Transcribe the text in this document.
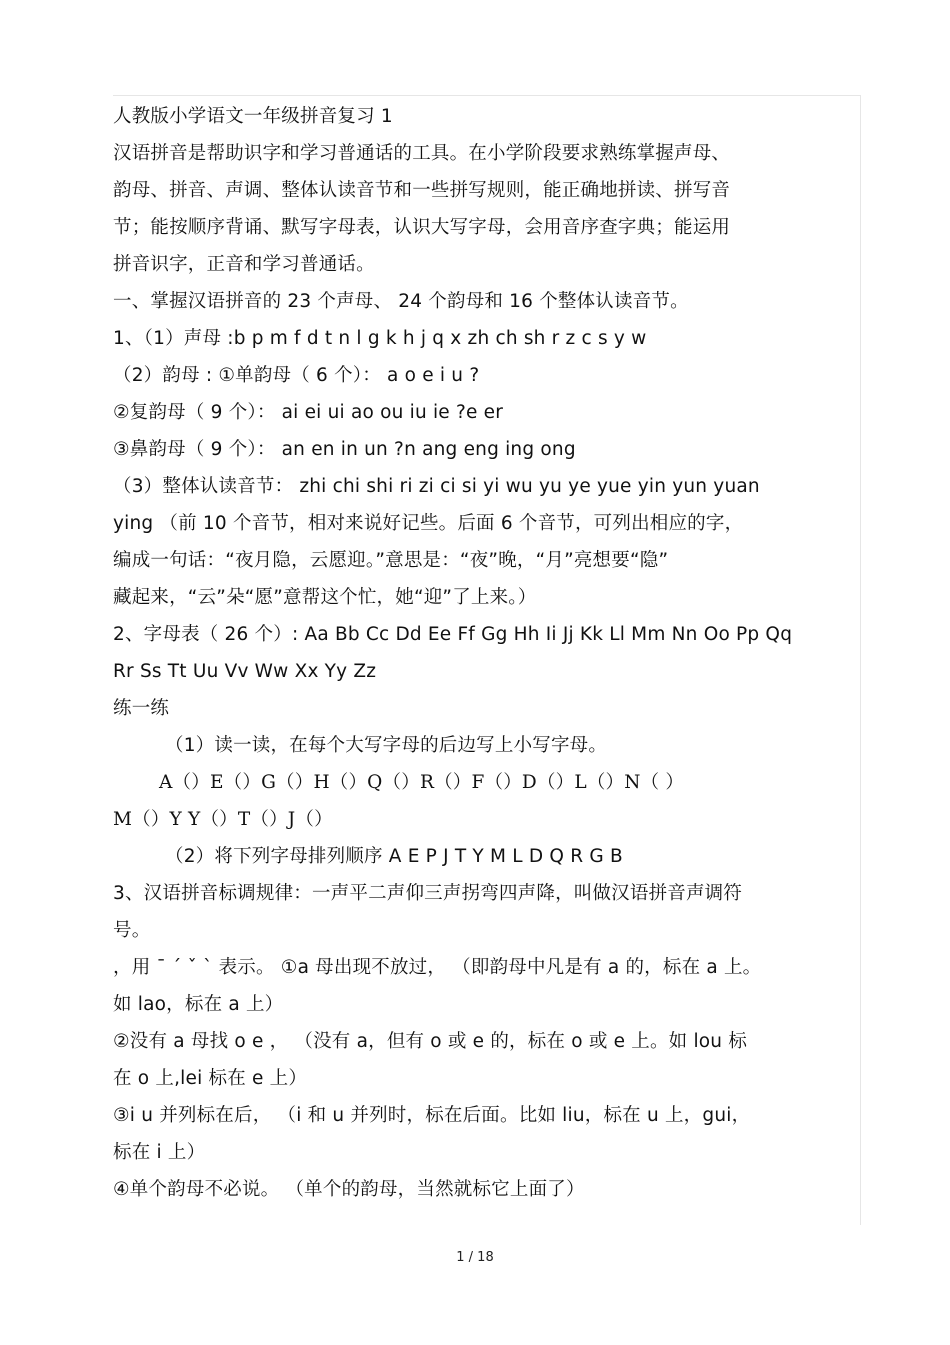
人教版小学语文一年级拼音复习 1
汉语拼音是帮助识字和学习普通话的工具。在小学阶段要求熟练掌握声母、
韵母、拼音、声调、整体认读音节和一些拼写规则，能正确地拼读、拼写音
节；能按顺序背诵、默写字母表，认识大写字母，会用音序查字典；能运用
拼音识字，正音和学习普通话。
一、掌握汉语拼音的 23 个声母、 24 个韵母和 16 个整体认读音节。
1、（1）声母 :b p m f d t n l g k h j q x zh ch sh r z c s y w
（2）韵母 : ①单韵母（ 6 个）： a o e i u ?
②复韵母（ 9 个）： ai ei ui ao ou iu ie ?e er
③鼻韵母（ 9 个）： an en in un ?n ang eng ing ong
（3）整体认读音节： zhi chi shi ri zi ci si yi wu yu ye yue yin yun yuan
ying （前 10 个音节，相对来说好记些。后面 6 个音节，可列出相应的字，
编成一句话：“夜月隐，云愿迎。”意思是：“夜”晚，“月”亮想要“隐”
藏起来，“云”朵“愿”意帮这个忙，她“迎”了上来。）
2、字母表（ 26 个）: Aa Bb Cc Dd Ee Ff Gg Hh Ii Jj Kk Ll Mm Nn Oo Pp Qq
Rr Ss Tt Uu Vv Ww Xx Yy Zz
练一练
（1）读一读，在每个大写字母的后边写上小写字母。
A（）E（）G（）H（）Q（）R（）F（）D（）L（）N（ ）
M（）Y Y（）T（）J（）
（2）将下列字母排列顺序 A E P J T Y M L D Q R G B
3、汉语拼音标调规律：一声平二声仰三声拐弯四声降，叫做汉语拼音声调符
号。
，用 ˉ ˊ ˇ ˋ 表示。 ①a 母出现不放过， （即韵母中凡是有 a 的，标在 a 上。
如 lao，标在 a 上）
②没有 a 母找 o e ， （没有 a，但有 o 或 e 的，标在 o 或 e 上。如 lou 标
在 o 上,lei 标在 e 上）
③i u 并列标在后， （i 和 u 并列时，标在后面。比如 liu，标在 u 上，gui，
标在 i 上）
④单个韵母不必说。 （单个的韵母，当然就标它上面了）
1 / 18
